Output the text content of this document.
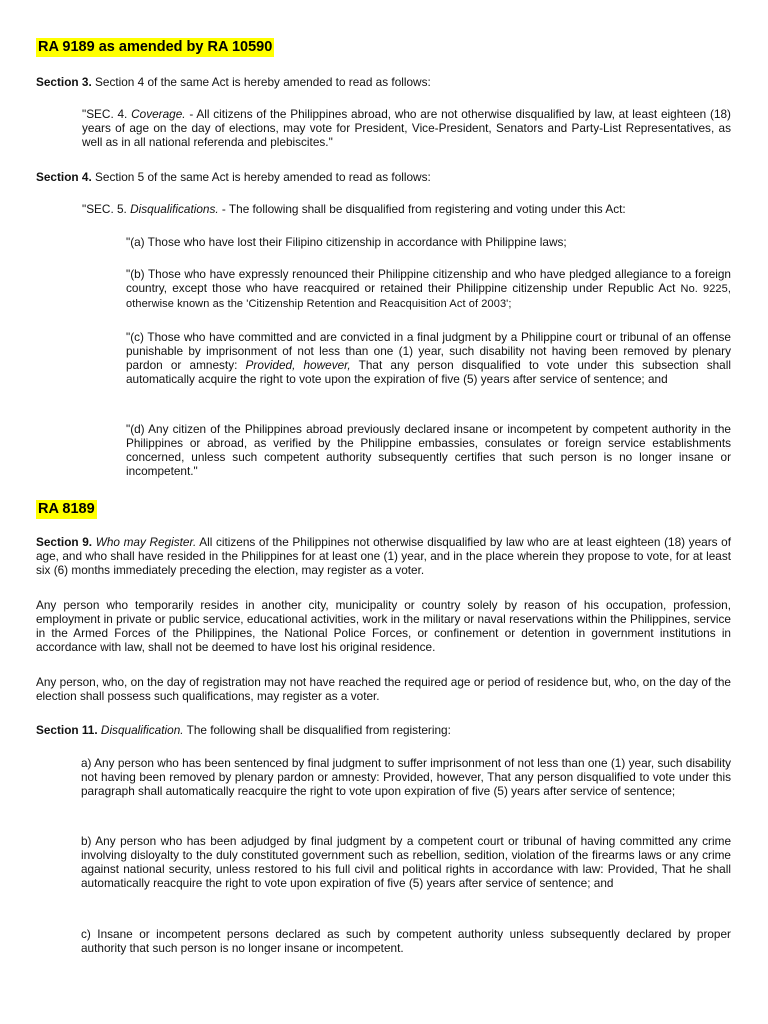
RA 9189 as amended by RA 10590

Section 3. Section 4 of the same Act is hereby amended to read as follows:

"SEC. 4. Coverage. - All citizens of the Philippines abroad, who are not otherwise disqualified by law, at least eighteen (18) years of age on the day of elections, may vote for President, Vice-President, Senators and Party-List Representatives, as well as in all national referenda and plebiscites."

Section 4. Section 5 of the same Act is hereby amended to read as follows:

"SEC. 5. Disqualifications. - The following shall be disqualified from registering and voting under this Act:

"(a) Those who have lost their Filipino citizenship in accordance with Philippine laws;

"(b) Those who have expressly renounced their Philippine citizenship and who have pledged allegiance to a foreign country, except those who have reacquired or retained their Philippine citizenship under Republic Act No. 9225, otherwise known as the 'Citizenship Retention and Reacquisition Act of 2003';

"(c) Those who have committed and are convicted in a final judgment by a Philippine court or tribunal of an offense punishable by imprisonment of not less than one (1) year, such disability not having been removed by plenary pardon or amnesty: Provided, however, That any person disqualified to vote under this subsection shall automatically acquire the right to vote upon the expiration of five (5) years after service of sentence; and

"(d) Any citizen of the Philippines abroad previously declared insane or incompetent by competent authority in the Philippines or abroad, as verified by the Philippine embassies, consulates or foreign service establishments concerned, unless such competent authority subsequently certifies that such person is no longer insane or incompetent."

RA 8189

Section 9. Who may Register. All citizens of the Philippines not otherwise disqualified by law who are at least eighteen (18) years of age, and who shall have resided in the Philippines for at least one (1) year, and in the place wherein they propose to vote, for at least six (6) months immediately preceding the election, may register as a voter.

Any person who temporarily resides in another city, municipality or country solely by reason of his occupation, profession, employment in private or public service, educational activities, work in the military or naval reservations within the Philippines, service in the Armed Forces of the Philippines, the National Police Forces, or confinement or detention in government institutions in accordance with law, shall not be deemed to have lost his original residence.

Any person, who, on the day of registration may not have reached the required age or period of residence but, who, on the day of the election shall possess such qualifications, may register as a voter.

Section 11. Disqualification. The following shall be disqualified from registering:

a) Any person who has been sentenced by final judgment to suffer imprisonment of not less than one (1) year, such disability not having been removed by plenary pardon or amnesty: Provided, however, That any person disqualified to vote under this paragraph shall automatically reacquire the right to vote upon expiration of five (5) years after service of sentence;

b) Any person who has been adjudged by final judgment by a competent court or tribunal of having committed any crime involving disloyalty to the duly constituted government such as rebellion, sedition, violation of the firearms laws or any crime against national security, unless restored to his full civil and political rights in accordance with law: Provided, That he shall automatically reacquire the right to vote upon expiration of five (5) years after service of sentence; and

c) Insane or incompetent persons declared as such by competent authority unless subsequently declared by proper authority that such person is no longer insane or incompetent.
